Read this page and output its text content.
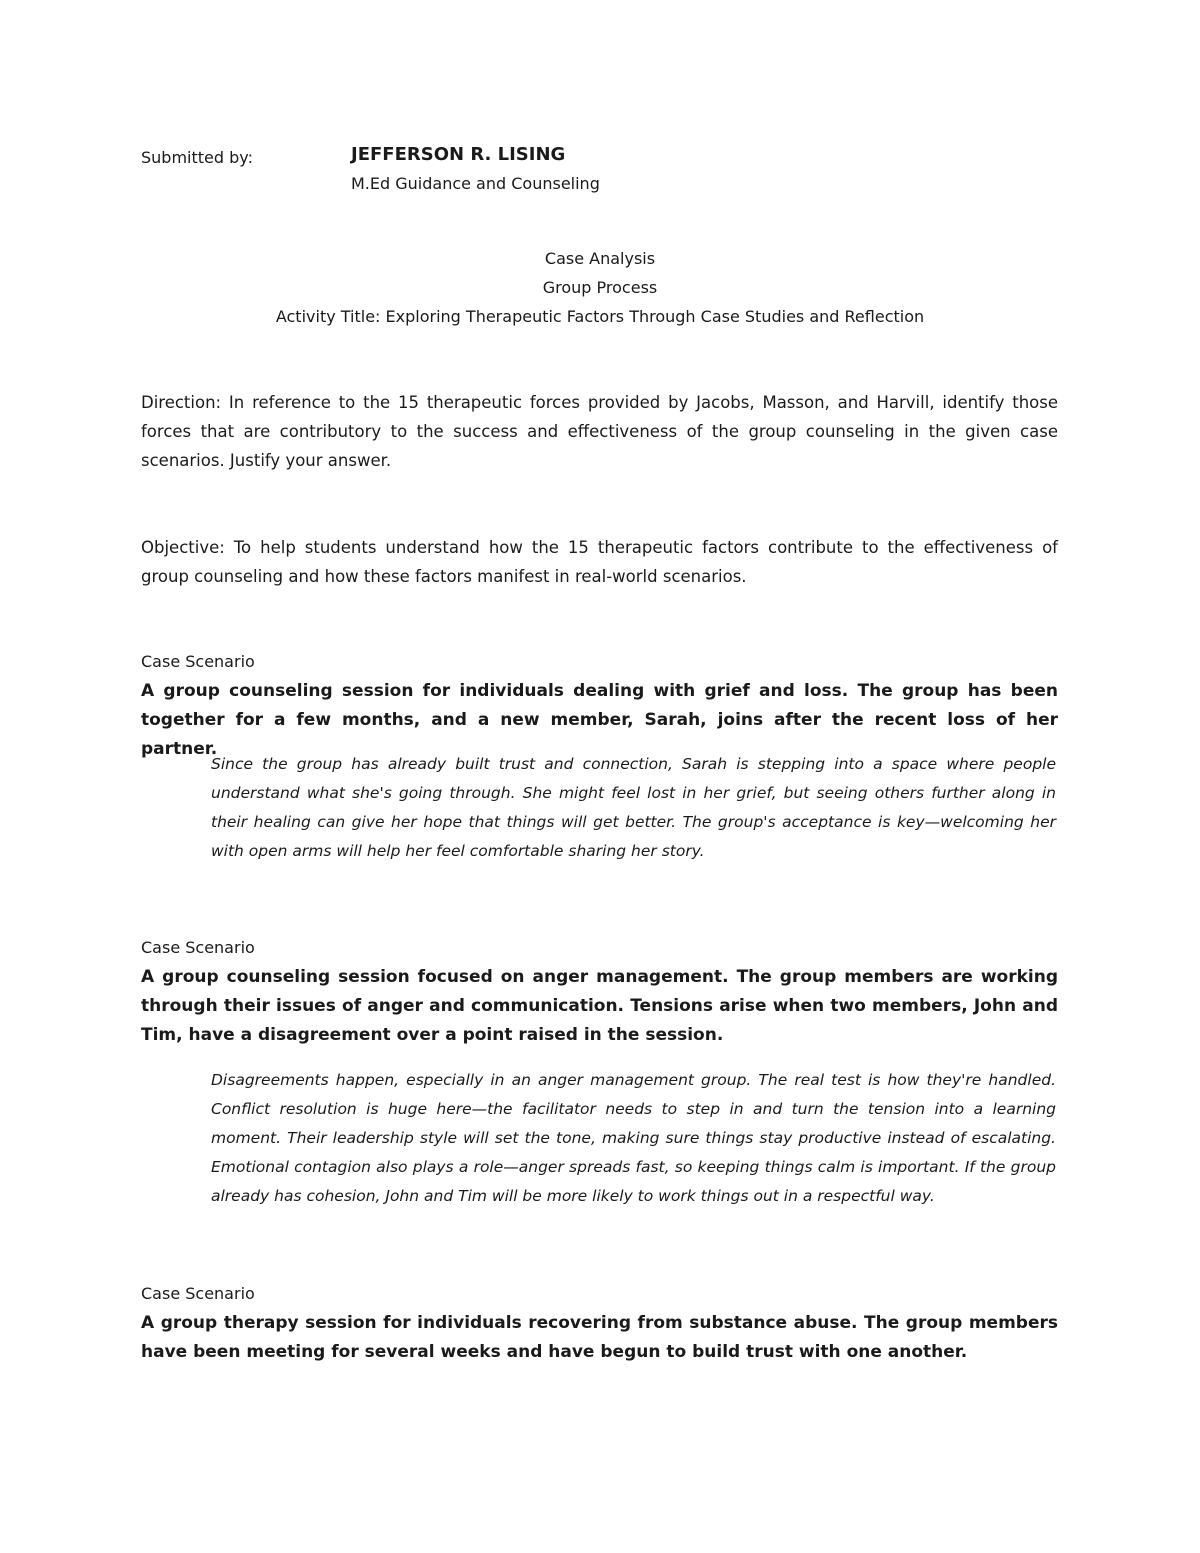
Submitted by:	JEFFERSON R. LISING
M.Ed Guidance and Counseling
Case Analysis
Group Process
Activity Title: Exploring Therapeutic Factors Through Case Studies and Reflection
Direction: In reference to the 15 therapeutic forces provided by Jacobs, Masson, and Harvill, identify those forces that are contributory to the success and effectiveness of the group counseling in the given case scenarios. Justify your answer.
Objective: To help students understand how the 15 therapeutic factors contribute to the effectiveness of group counseling and how these factors manifest in real-world scenarios.
Case Scenario
A group counseling session for individuals dealing with grief and loss. The group has been together for a few months, and a new member, Sarah, joins after the recent loss of her partner.
Since the group has already built trust and connection, Sarah is stepping into a space where people understand what she's going through. She might feel lost in her grief, but seeing others further along in their healing can give her hope that things will get better. The group's acceptance is key—welcoming her with open arms will help her feel comfortable sharing her story.
Case Scenario
A group counseling session focused on anger management. The group members are working through their issues of anger and communication. Tensions arise when two members, John and Tim, have a disagreement over a point raised in the session.
Disagreements happen, especially in an anger management group. The real test is how they're handled. Conflict resolution is huge here—the facilitator needs to step in and turn the tension into a learning moment. Their leadership style will set the tone, making sure things stay productive instead of escalating. Emotional contagion also plays a role—anger spreads fast, so keeping things calm is important. If the group already has cohesion, John and Tim will be more likely to work things out in a respectful way.
Case Scenario
A group therapy session for individuals recovering from substance abuse. The group members have been meeting for several weeks and have begun to build trust with one another.
